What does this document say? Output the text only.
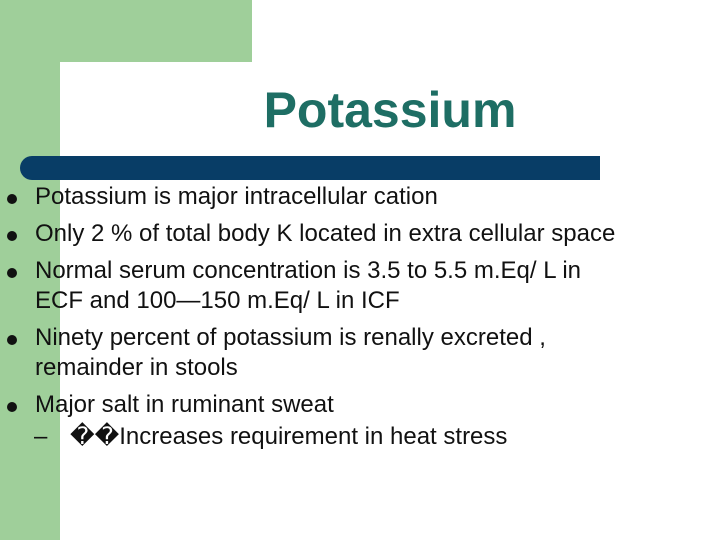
Potassium
Potassium is major intracellular cation
Only 2 % of total body K located in extra cellular space
Normal serum concentration is 3.5 to 5.5 m.Eq/ L in
ECF and 100—150 m.Eq/ L in ICF
Ninety percent of potassium is renally excreted ,
remainder in stools
Major salt in ruminant sweat
– ��Increases requirement in heat stress
